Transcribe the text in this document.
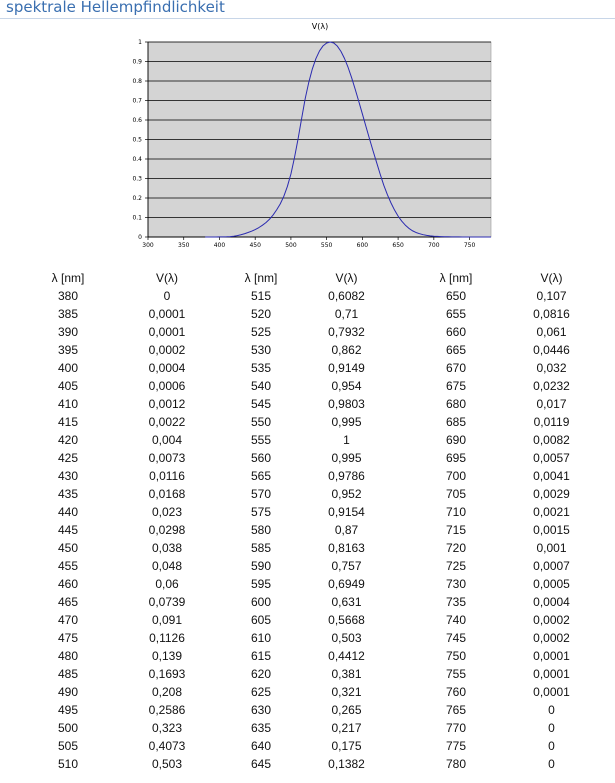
spektrale Hellempfindlichkeit
V(λ)
0
0.1
0.2
0.3
0.4
0.5
0.6
0.7
0.8
0.9
1
300	350	400	450	500	550	600	650	700	750
λ [nm]	V(λ)	λ [nm]	V(λ)	λ [nm]	V(λ)
380	0	515	0,6082	650	0,107
385	0,0001	520	0,71	655	0,0816
390	0,0001	525	0,7932	660	0,061
395	0,0002	530	0,862	665	0,0446
400	0,0004	535	0,9149	670	0,032
405	0,0006	540	0,954	675	0,0232
410	0,0012	545	0,9803	680	0,017
415	0,0022	550	0,995	685	0,0119
420	0,004	555	1	690	0,0082
425	0,0073	560	0,995	695	0,0057
430	0,0116	565	0,9786	700	0,0041
435	0,0168	570	0,952	705	0,0029
440	0,023	575	0,9154	710	0,0021
445	0,0298	580	0,87	715	0,0015
450	0,038	585	0,8163	720	0,001
455	0,048	590	0,757	725	0,0007
460	0,06	595	0,6949	730	0,0005
465	0,0739	600	0,631	735	0,0004
470	0,091	605	0,5668	740	0,0002
475	0,1126	610	0,503	745	0,0002
480	0,139	615	0,4412	750	0,0001
485	0,1693	620	0,381	755	0,0001
490	0,208	625	0,321	760	0,0001
495	0,2586	630	0,265	765	0
500	0,323	635	0,217	770	0
505	0,4073	640	0,175	775	0
510	0,503	645	0,1382	780	0
